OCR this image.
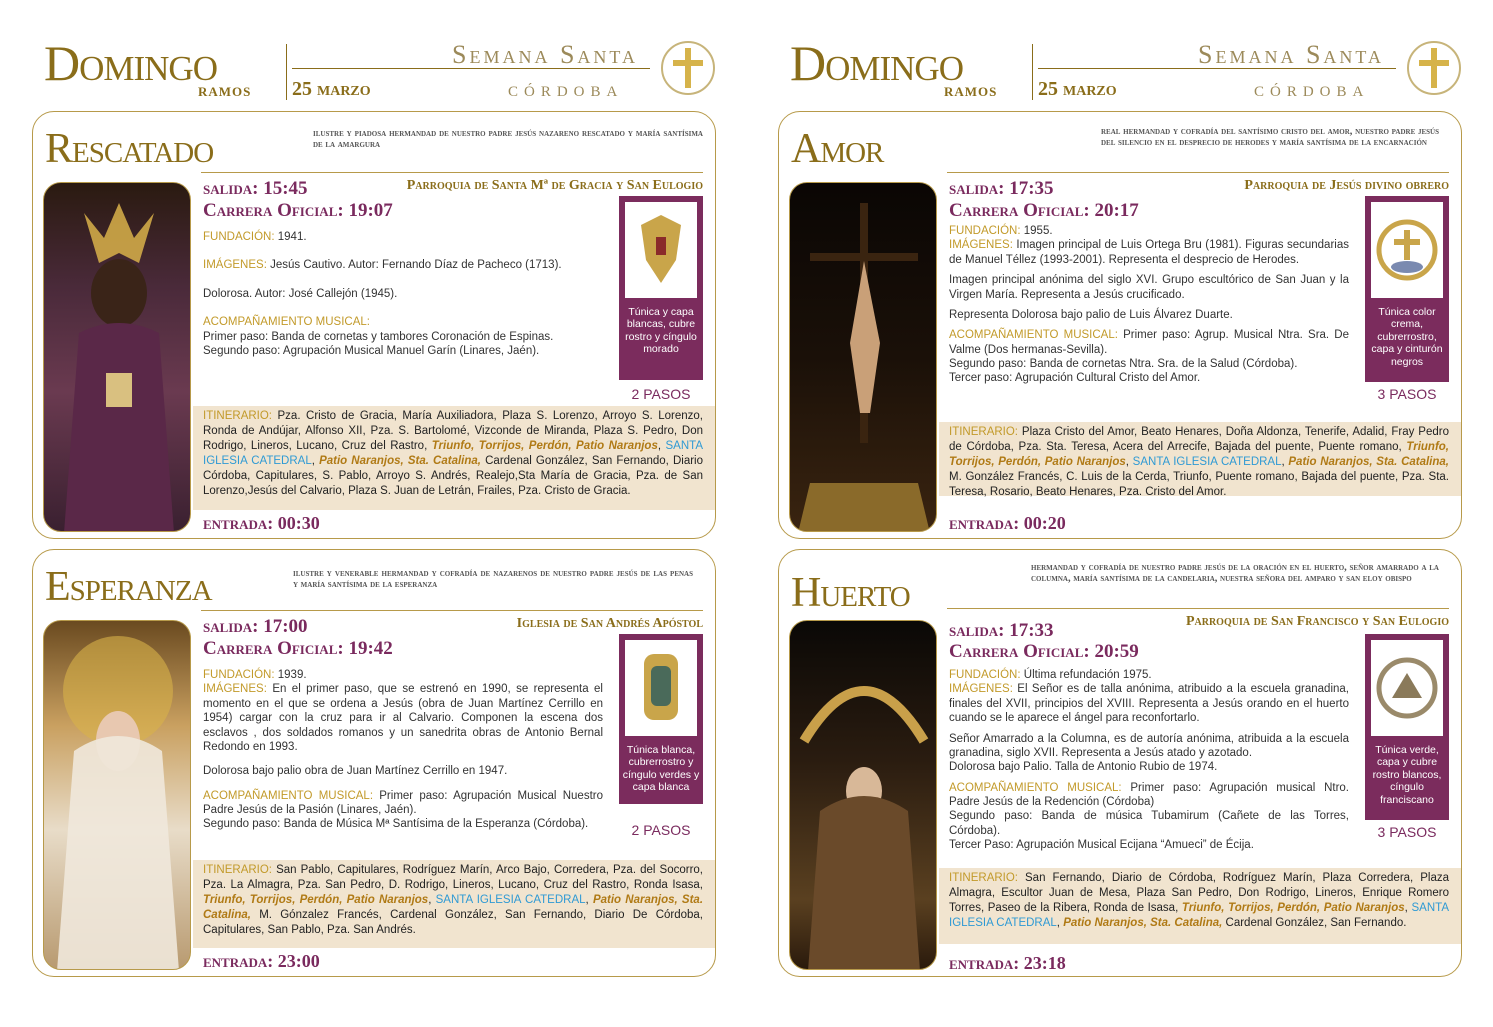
Domingo
ramos 25 marzo
Semana Santa
córdoba
Rescatado	ilustre y piadosa hermandad de nuestro padre jesús nazareno rescatado y maría santísima de la amargura
salida: 15:45
Carrera Oficial: 19:07
Parroquia de Santa Mª de Gracia y San Eulogio

FUNDACIÓN: 1941.

IMÁGENES: Jesús Cautivo. Autor: Fernando Díaz de Pacheco (1713).

Dolorosa. Autor: José Callejón (1945).

ACOMPAÑAMIENTO MUSICAL:

Primer paso: Banda de cornetas y tambores Coronación de Espinas.
Segundo paso: Agrupación Musical Manuel Garín (Linares, Jaén).
Túnica y capa blancas, cubre rostro y cíngulo morado
2 PASOS
ITINERARIO: Pza. Cristo de Gracia, María Auxiliadora, Plaza S. Lorenzo, Arroyo S. Lorenzo, Ronda de Andújar, Alfonso XII, Pza. S. Bartolomé, Vizconde de Miranda, Plaza S. Pedro, Don Rodrigo, Lineros, Lucano, Cruz del Rastro, Triunfo, Torrijos, Perdón, Patio Naranjos, SANTA IGLESIA CATEDRAL, Patio Naranjos, Sta. Catalina, Cardenal González, San Fernando, Diario Córdoba, Capitulares, S. Pablo, Arroyo S. Andrés, Realejo,Sta María de Gracia, Pza. de San Lorenzo,Jesús del Calvario, Plaza S. Juan de Letrán, Frailes, Pza. Cristo de Gracia.
entrada: 00:30
Esperanza	ilustre y venerable hermandad y cofradía de nazarenos de nuestro padre jesús de las penas y maría santísima de la esperanza
salida: 17:00
Carrera Oficial: 19:42
Iglesia de San Andrés Apóstol
FUNDACIÓN: 1939.

IMÁGENES: En el primer paso, que se estrenó en 1990, se representa el momento en el que se ordena a Jesús (obra de Juan Martínez Cerrillo en 1954) cargar con la cruz para ir al Calvario. Componen la escena dos esclavos , dos soldados romanos y un sanedrita obras de Antonio Bernal Redondo en 1993.

Dolorosa bajo palio obra de Juan Martínez Cerrillo en 1947.

ACOMPAÑAMIENTO MUSICAL: Primer paso: Agrupación Musical Nuestro Padre Jesús de la Pasión (Linares, Jaén).

Segundo paso: Banda de Música Mª Santísima de la Esperanza (Córdoba).
Túnica blanca, cubrerrostro y cíngulo verdes y capa blanca
2 PASOS
ITINERARIO: San Pablo, Capitulares, Rodríguez Marín, Arco Bajo, Corredera, Pza. del Socorro, Pza. La Almagra, Pza. San Pedro, D. Rodrigo, Lineros, Lucano, Cruz del Rastro, Ronda Isasa, Triunfo, Torrijos, Perdón, Patio Naranjos, SANTA IGLESIA CATEDRAL, Patio Naranjos, Sta. Catalina, M. Gónzalez Francés, Cardenal González, San Fernando, Diario De Córdoba, Capitulares, San Pablo, Pza. San Andrés.
entrada: 23:00
Domingo
ramos 25 marzo
Semana Santa
córdoba
Amor	real hermandad y cofradía del santísimo cristo del amor, nuestro padre jesús del silencio en el desprecio de herodes y maría santísima de la encarnación
salida: 17:35
Carrera Oficial: 20:17
Parroquia de Jesús divino obrero
FUNDACIÓN: 1955.

IMÁGENES: Imagen principal de Luis Ortega Bru (1981). Figuras secundarias de Manuel Téllez (1993-2001). Representa el desprecio de Herodes.

Imagen principal anónima del siglo XVI. Grupo escultórico de San Juan y la Virgen María. Representa a Jesús crucificado.

Representa Dolorosa bajo palio de Luis Álvarez Duarte.

ACOMPAÑAMIENTO MUSICAL: Primer paso: Agrup. Musical Ntra. Sra. De Valme (Dos hermanas-Sevilla).
Segundo paso: Banda de cornetas Ntra. Sra. de la Salud (Córdoba).
Tercer paso: Agrupación Cultural Cristo del Amor.
Túnica color crema, cubrerrostro, capa y cinturón negros
3 PASOS
ITINERARIO: Plaza Cristo del Amor, Beato Henares, Doña Aldonza, Tenerife, Adalid, Fray Pedro de Córdoba, Pza. Sta. Teresa, Acera del Arrecife, Bajada del puente, Puente romano, Triunfo, Torrijos, Perdón, Patio Naranjos, SANTA IGLESIA CATEDRAL, Patio Naranjos, Sta. Catalina, M. González Francés, C. Luis de la Cerda, Triunfo, Puente romano, Bajada del puente, Pza. Sta. Teresa, Rosario, Beato Henares, Pza. Cristo del Amor.
entrada: 00:20
Huerto
hermandad y cofradía de nuestro padre jesús de la oración en el huerto, señor amarrado a la columna, maría santísima de la candelaria, nuestra señora del amparo y san eloy obispo
salida: 17:33
Carrera Oficial: 20:59
Parroquia de San Francisco y San Eulogio
FUNDACIÓN: Última refundación 1975.

IMÁGENES: El Señor es de talla anónima, atribuido a la escuela granadina, finales del XVII, principios del XVIII. Representa a Jesús orando en el huerto cuando se le aparece el ángel para reconfortarlo.

Señor Amarrado a la Columna, es de autoría anónima, atribuida a la escuela granadina, siglo XVII. Representa a Jesús atado y azotado.

Dolorosa bajo Palio. Talla de Antonio Rubio de 1974.

ACOMPAÑAMIENTO MUSICAL: Primer paso: Agrupación musical Ntro. Padre Jesús de la Redención (Córdoba)
Segundo paso: Banda de música Tubamirum (Cañete de las Torres, Córdoba).
Tercer Paso: Agrupación Musical Ecijana “Amueci” de Écija.
Túnica verde, capa y cubre rostro blancos, cíngulo franciscano
3 PASOS
ITINERARIO: San Fernando, Diario de Córdoba, Rodríguez Marín, Plaza Corredera, Plaza Almagra, Escultor Juan de Mesa, Plaza San Pedro, Don Rodrigo, Lineros, Enrique Romero Torres, Paseo de la Ribera, Ronda de Isasa, Triunfo, Torrijos, Perdón, Patio Naranjos, SANTA IGLESIA CATEDRAL, Patio Naranjos, Sta. Catalina, Cardenal González, San Fernando.
entrada: 23:18
